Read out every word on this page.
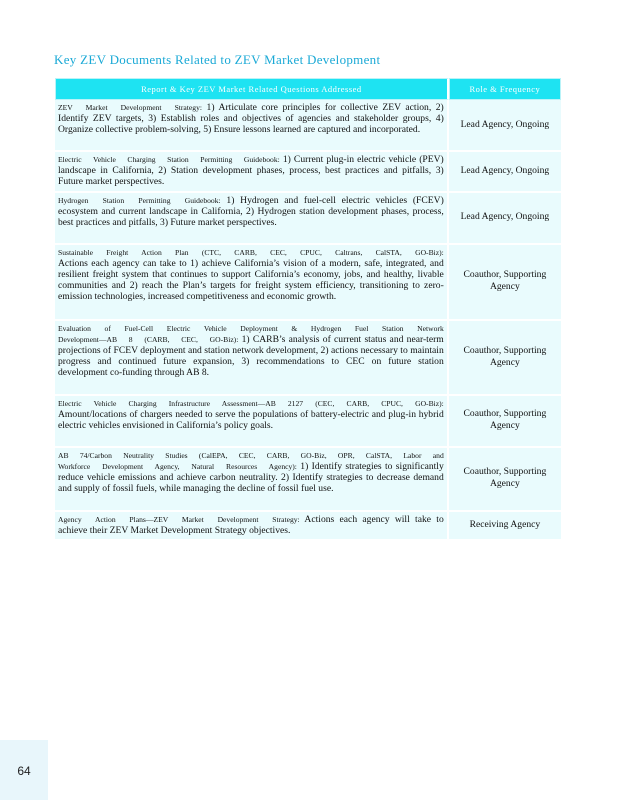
Key ZEV Documents Related to ZEV Market Development
Report & Key ZEV Market Related Questions Addressed	Role & Frequency
ZEV Market Development Strategy: 1) Articulate core principles for collective ZEV action, 2) Identify ZEV targets, 3) Establish roles and objectives of agencies and stakeholder groups, 4) Organize collective problem-solving, 5) Ensure lessons learned are captured and incorporated.	Lead Agency, Ongoing
Electric Vehicle Charging Station Permitting Guidebook: 1) Current plug-in electric vehicle (PEV) landscape in California, 2) Station development phases, process, best practices and pitfalls, 3) Future market perspectives.	Lead Agency, Ongoing
Hydrogen Station Permitting Guidebook: 1) Hydrogen and fuel-cell electric vehicles (FCEV) ecosystem and current landscape in California, 2) Hydrogen station development phases, process, best practices and pitfalls, 3) Future market perspectives.	Lead Agency, Ongoing
Sustainable Freight Action Plan (CTC, CARB, CEC, CPUC, Caltrans, CalSTA, GO-Biz): Actions each agency can take to 1) achieve California’s vision of a modern, safe, integrated, and resilient freight system that continues to support California’s economy, jobs, and healthy, livable communities and 2) reach the Plan’s targets for freight system efficiency, transitioning to zero-emission technologies, increased competitiveness and economic growth.	Coauthor, Supporting Agency
Evaluation of Fuel-Cell Electric Vehicle Deployment & Hydrogen Fuel Station Network Development—AB 8 (CARB, CEC, GO-Biz): 1) CARB’s analysis of current status and near-term projections of FCEV deployment and station network development, 2) actions necessary to maintain progress and continued future expansion, 3) recommendations to CEC on future station development co-funding through AB 8.	Coauthor, Supporting Agency
Electric Vehicle Charging Infrastructure Assessment—AB 2127 (CEC, CARB, CPUC, GO-Biz): Amount/locations of chargers needed to serve the populations of battery-electric and plug-in hybrid electric vehicles envisioned in California’s policy goals.	Coauthor, Supporting Agency
AB 74/Carbon Neutrality Studies (CalEPA, CEC, CARB, GO-Biz, OPR, CalSTA, Labor and Workforce Development Agency, Natural Resources Agency): 1) Identify strategies to significantly reduce vehicle emissions and achieve carbon neutrality. 2) Identify strategies to decrease demand and supply of fossil fuels, while managing the decline of fossil fuel use.	Coauthor, Supporting Agency
Agency Action Plans—ZEV Market Development Strategy: Actions each agency will take to achieve their ZEV Market Development Strategy objectives.	Receiving Agency
64
